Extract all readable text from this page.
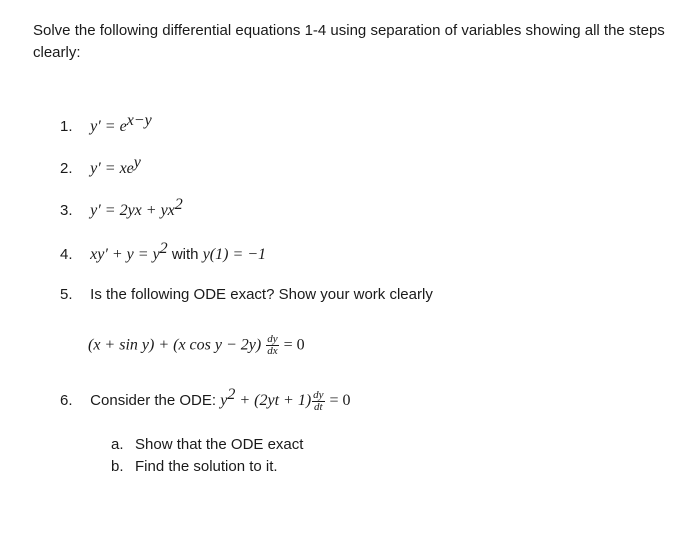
Solve the following differential equations 1-4 using separation of variables showing all the steps clearly:
1. $y' = e^{x-y}$
2. $y' = xe^y$
3. $y' = 2yx + yx^2$
4. $xy' + y = y^2$ with y(1) = −1
5. Is the following ODE exact? Show your work clearly
(x + sin y) + (x $\cos y - 2y) \frac{dy}{dx} = 0$
6. Consider the ODE: $y^2 + (2yt + 1) \frac{dy}{dt} = 0$
a. Show that the ODE exact
b. Find the solution to it.
